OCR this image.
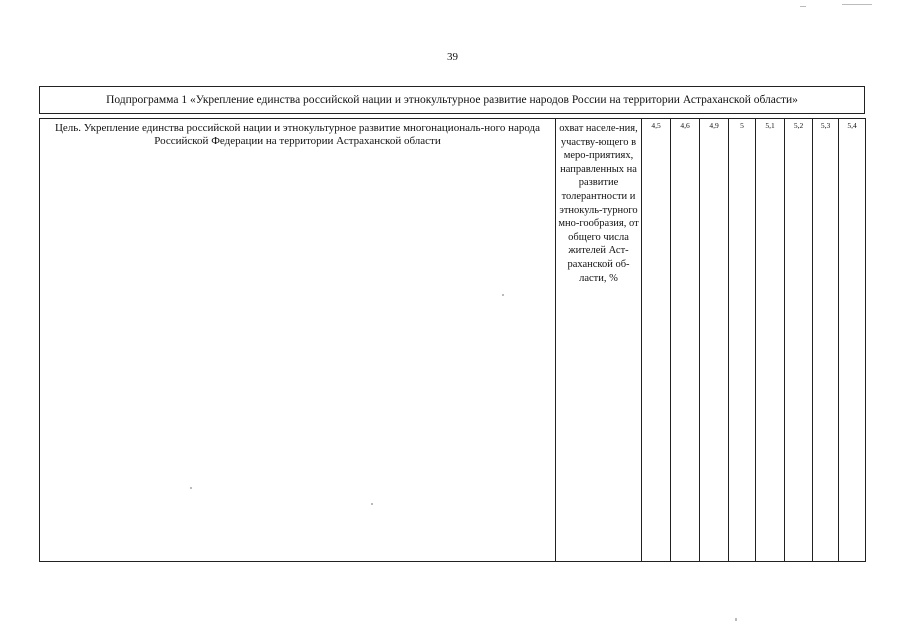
39
Подпрограмма 1 «Укрепление единства российской нации и этнокультурное развитие народов России на территории Астраханской области»
Цель. Укрепление единства российской нации и этнокультурное развитие многонациональ-ного народа Российской Федерации на территории Астраханской области	охват населе-ния, участву-ющего в меро-приятиях, направленных на развитие толерантности и этнокуль-турного мно-гообразия, от общего числа жителей Аст-раханской об-ласти, %	4,5	4,6	4,9	5	5,1	5,2	5,3	5,4
